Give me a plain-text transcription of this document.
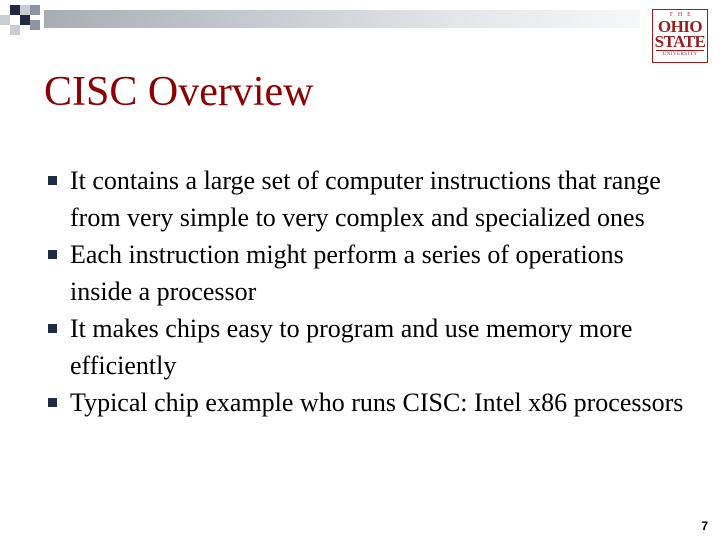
THE
OHIO
STATE
UNIVERSITY
CISC Overview
It contains a large set of computer instructions that range from very simple to very complex and specialized ones
Each instruction might perform a series of operations inside a processor
It makes chips easy to program and use memory more efficiently
Typical chip example who runs CISC: Intel x86 processors
7
